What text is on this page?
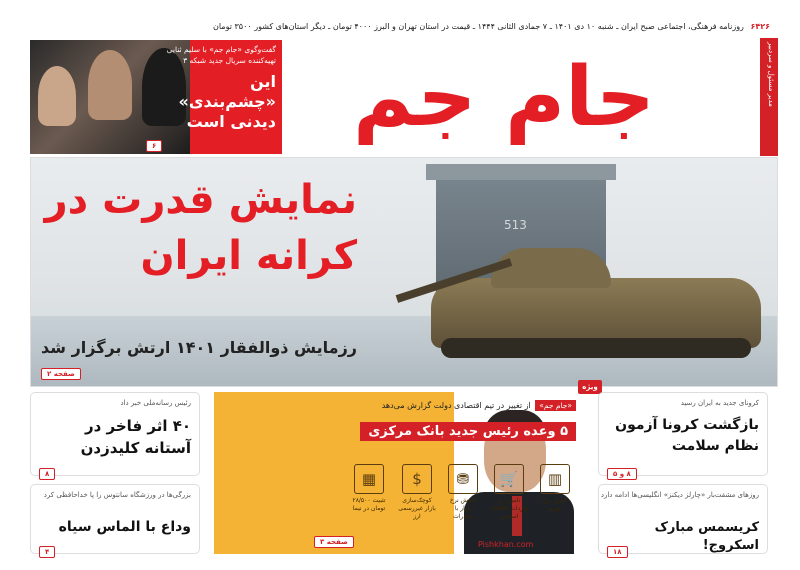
۶۴۲۶ روزنامه فرهنگی، اجتماعی صبح ایران ـ شنبه ۱۰ دی ۱۴۰۱ ـ ۷ جمادی الثانی ۱۴۴۴ ـ قیمت در استان تهران و البرز ۴۰۰۰ تومان ـ دیگر استان‌های کشور ۳۵۰۰ تومان
مدیر مسئول و سردبیر
جام جم
گفت‌وگوی «جام جم» با سلیم ثنایی تهیه‌کننده سریال جدید شبکه ۳
این «چشم‌بندی» دیدنی است
۶
513
نمایش قدرت در کرانه ایران
رزمایش ذوالفقار ۱۴۰۱ ارتش برگزار شد
صفحه ۲
Pishkhan.com
«جام جم» از تغییر در تیم اقتصادی دولت گزارش می‌دهد
۵ وعده رئیس جدید بانک مرکزی
▥
کنترل نرخ تورم
🛒
تامین ارز واردات کالاهای اساسی
⛃
کاهش نرخ بازار با صادرات
$
کوچک‌سازی بازار غیررسمی ارز
▦
تثبیت ۲۸/۵۰۰ تومان در نیما
صفحه ۳
ویژه
رئیس رسانه‌ملی خبر داد
۴۰ اثر فاخر در آستانه کلیدزدن
۸
بزرگی‌ها در ورزشگاه سانتوس را پا خداحافظی کرد
وداع با الماس سیاه
۴
کرونای جدید به ایران رسید
بازگشت کرونا آزمون نظام سلامت
۸ و ۵
روزهای مشقت‌بار «چارلز دیکنز» انگلیسی‌ها ادامه دارد
کریسمس مبارک اسکروج!
۱۸
